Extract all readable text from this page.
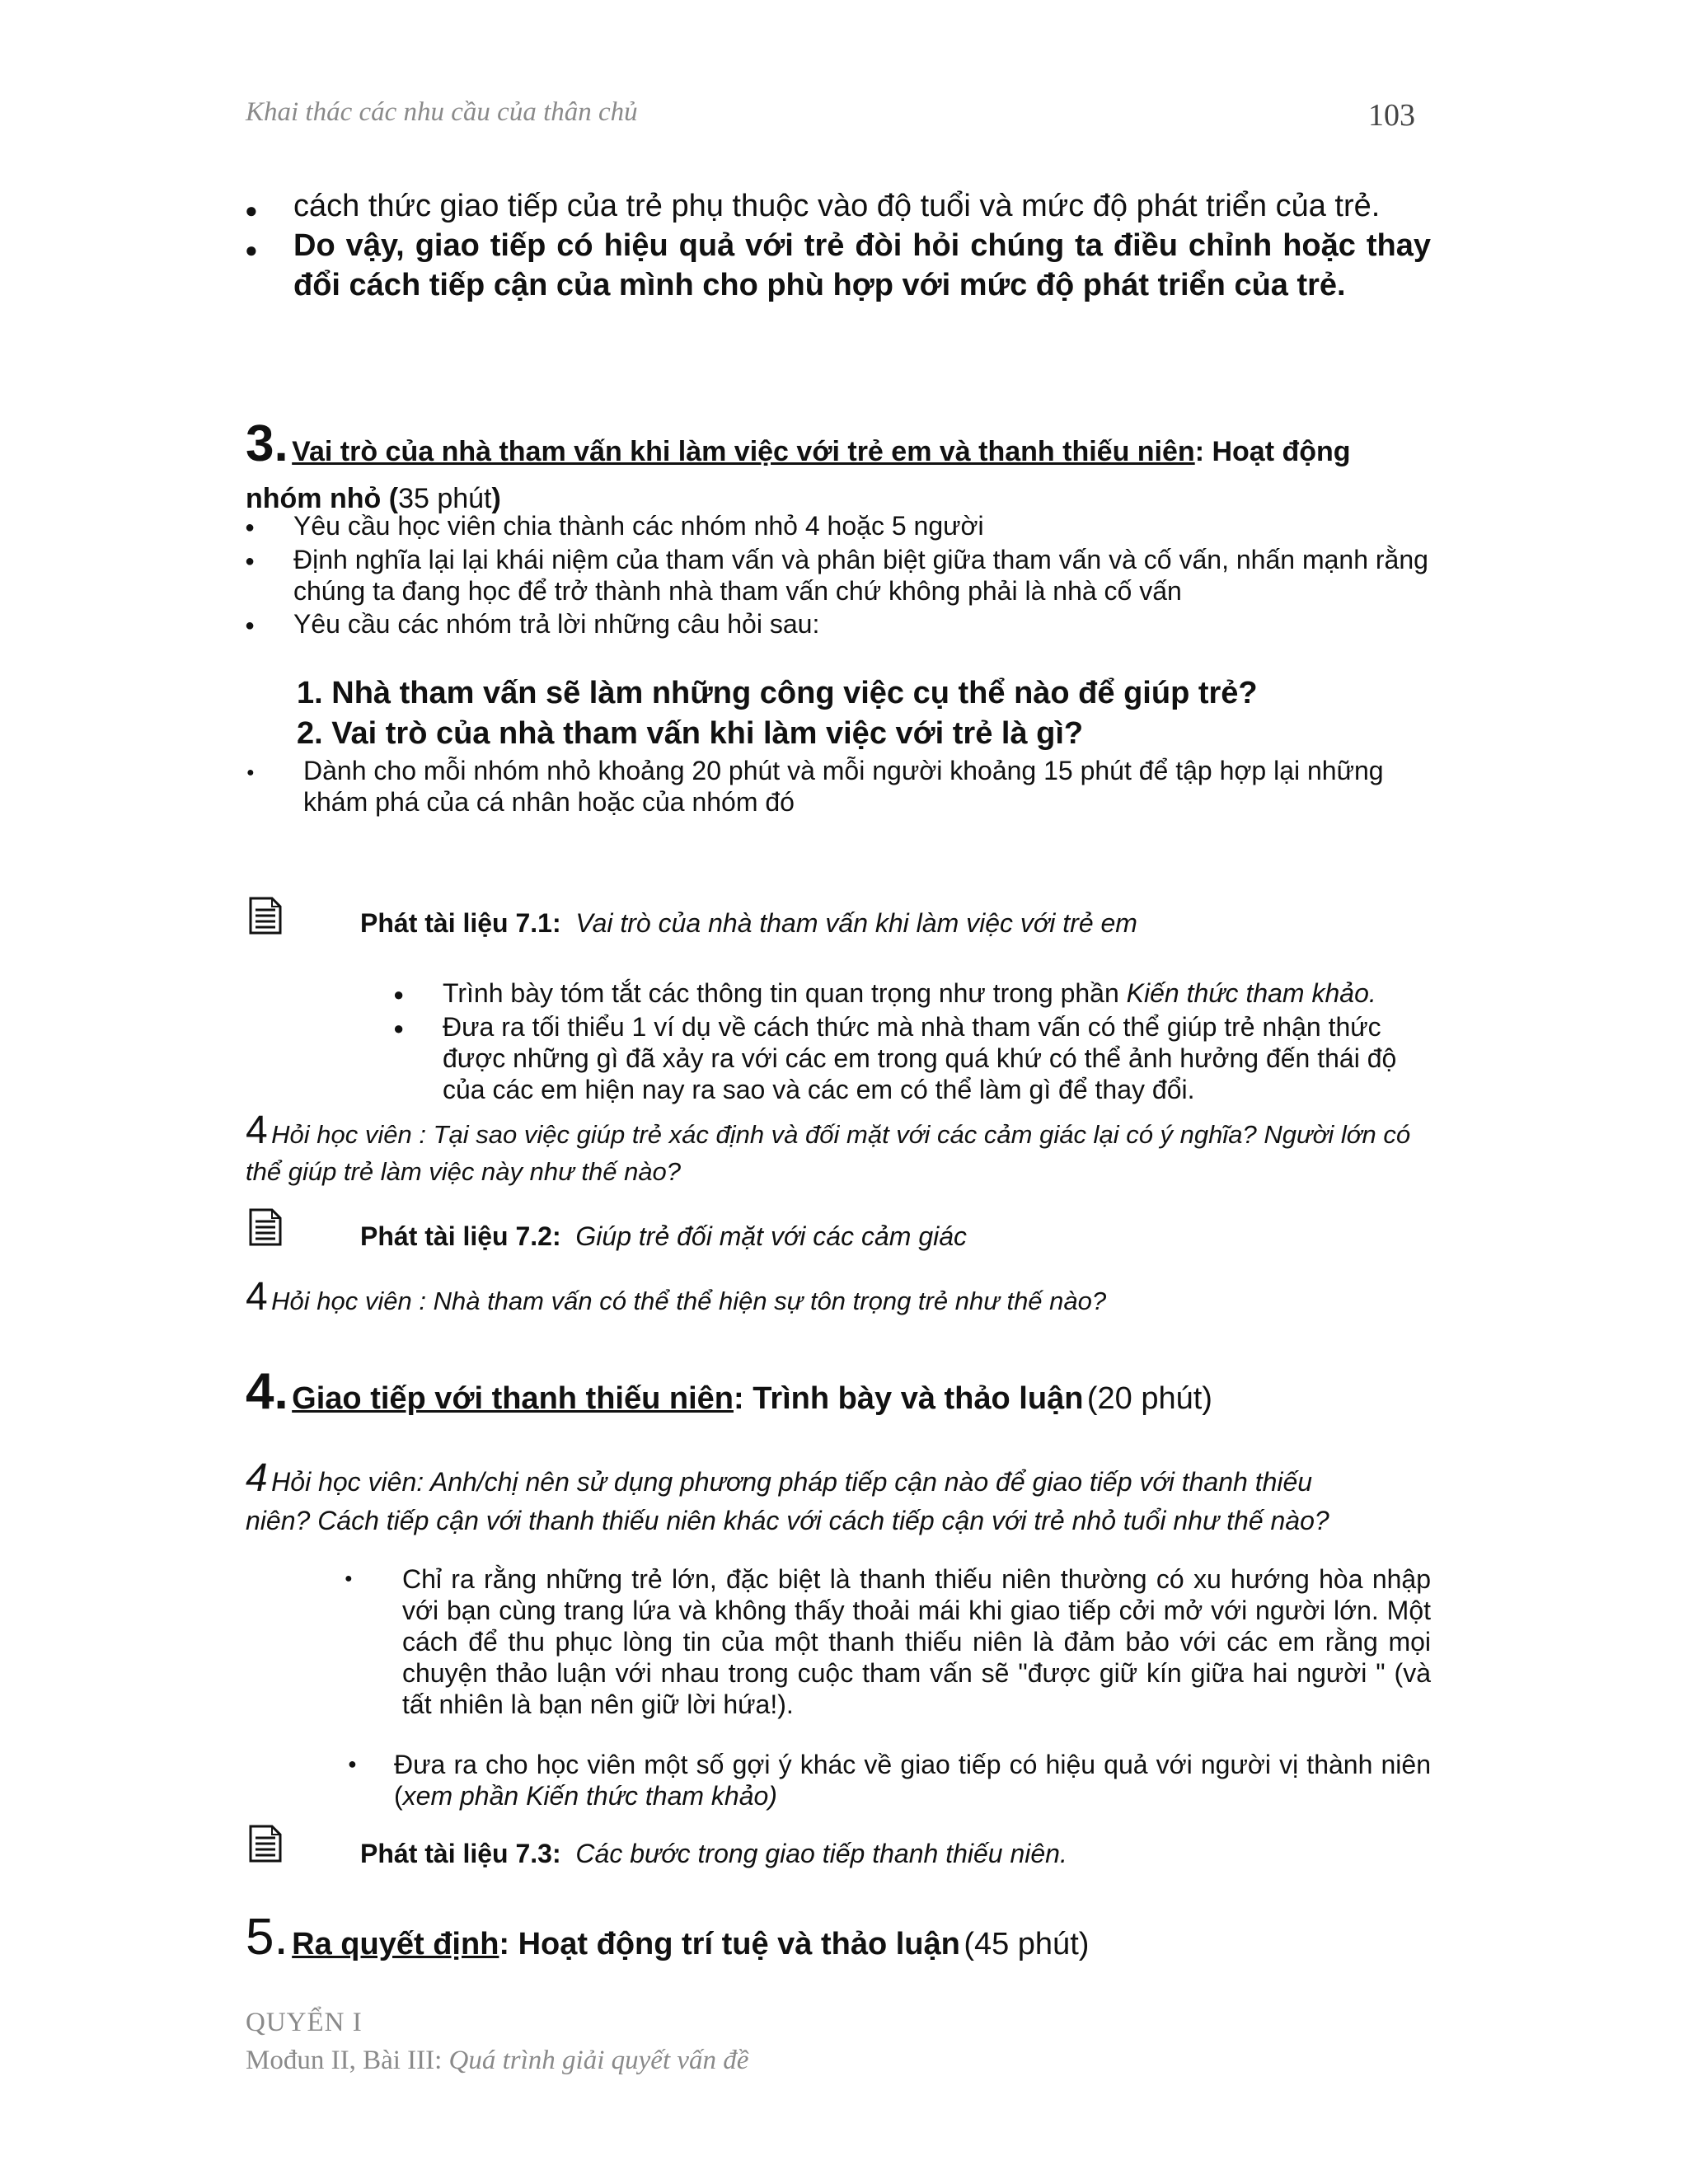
Khai thác các nhu cầu của thân chủ	103
● cách thức giao tiếp của trẻ phụ thuộc vào độ tuổi và mức độ phát triển của trẻ.
● Do vậy, giao tiếp có hiệu quả với trẻ đòi hỏi chúng ta điều chỉnh hoặc thay đổi cách tiếp cận của mình cho phù hợp với mức độ phát triển của trẻ.
3. Vai trò của nhà tham vấn khi làm việc với trẻ em và thanh thiếu niên: Hoạt động nhóm nhỏ (35 phút)
● Yêu cầu học viên chia thành các nhóm nhỏ 4 hoặc 5 người
● Định nghĩa lại lại khái niệm của tham vấn và phân biệt giữa tham vấn và cố vấn, nhấn mạnh rằng chúng ta đang học để trở thành nhà tham vấn chứ không phải là nhà cố vấn
● Yêu cầu các nhóm trả lời những câu hỏi sau:
1. Nhà tham vấn sẽ làm những công việc cụ thể nào để giúp trẻ?
2. Vai trò của nhà tham vấn khi làm việc với trẻ là gì?
● Dành cho mỗi nhóm nhỏ khoảng 20 phút và mỗi người khoảng 15 phút để tập hợp lại những khám phá của cá nhân hoặc của nhóm đó
Phát tài liệu 7.1: Vai trò của nhà tham vấn khi làm việc với trẻ em
● Trình bày tóm tắt các thông tin quan trọng như trong phần Kiến thức tham khảo.
● Đưa ra tối thiểu 1 ví dụ về cách thức mà nhà tham vấn có thể giúp trẻ nhận thức được những gì đã xảy ra với các em trong quá khứ có thể ảnh hưởng đến thái độ của các em hiện nay ra sao và các em có thể làm gì để thay đổi.
4 Hỏi học viên : Tại sao việc giúp trẻ xác định và đối mặt với các cảm giác lại có ý nghĩa? Người lớn có thể giúp trẻ làm việc này như thế nào?
Phát tài liệu 7.2: Giúp trẻ đối mặt với các cảm giác
4 Hỏi học viên : Nhà tham vấn có thể thể hiện sự tôn trọng trẻ như thế nào?
4. Giao tiếp với thanh thiếu niên: Trình bày và thảo luận (20 phút)
4 Hỏi học viên: Anh/chị nên sử dụng phương pháp tiếp cận nào để giao tiếp với thanh thiếu niên? Cách tiếp cận với thanh thiếu niên khác với cách tiếp cận với trẻ nhỏ tuổi như thế nào?
● Chỉ ra rằng những trẻ lớn, đặc biệt là thanh thiếu niên thường có xu hướng hòa nhập với bạn cùng trang lứa và không thấy thoải mái khi giao tiếp cởi mở với người lớn. Một cách để thu phục lòng tin của một thanh thiếu niên là đảm bảo với các em rằng mọi chuyện thảo luận với nhau trong cuộc tham vấn sẽ "được giữ kín giữa hai người " (và tất nhiên là bạn nên giữ lời hứa!).
● Đưa ra cho học viên một số gợi ý khác về giao tiếp có hiệu quả với người vị thành niên (xem phần Kiến thức tham khảo)
Phát tài liệu 7.3: Các bước trong giao tiếp thanh thiếu niên.
5. Ra quyết định: Hoạt động trí tuệ và thảo luận (45 phút)
QUYỂN I
Mođun II, Bài III: Quá trình giải quyết vấn đề
